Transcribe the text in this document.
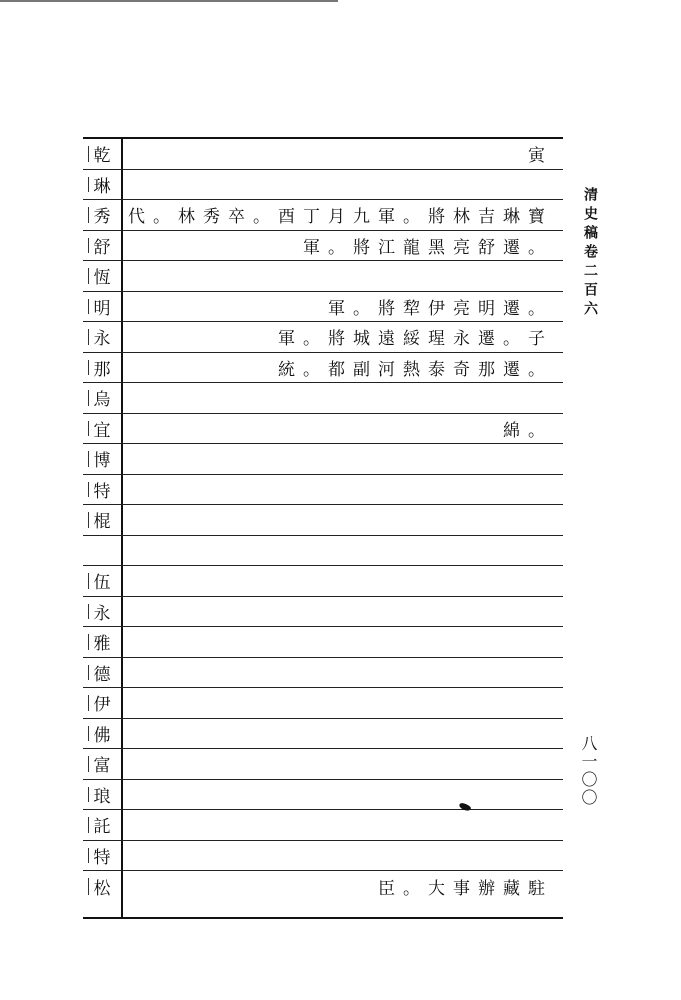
乾	寅
琳
秀	代。林秀卒。酉丁月九軍。將林吉琳寶
舒	軍。將江龍黑亮舒遷。
恆
明	軍。將犂伊亮明遷。
永	軍。將城遠綏瑆永遷。子
那	統。都副河熱泰奇那遷。
烏
宜	綿。
博
特
棍
伍
永
雅
德
伊
佛
富
琅
託
特
松	臣。大事辦藏駐
清史稿卷二百六
八一〇〇
